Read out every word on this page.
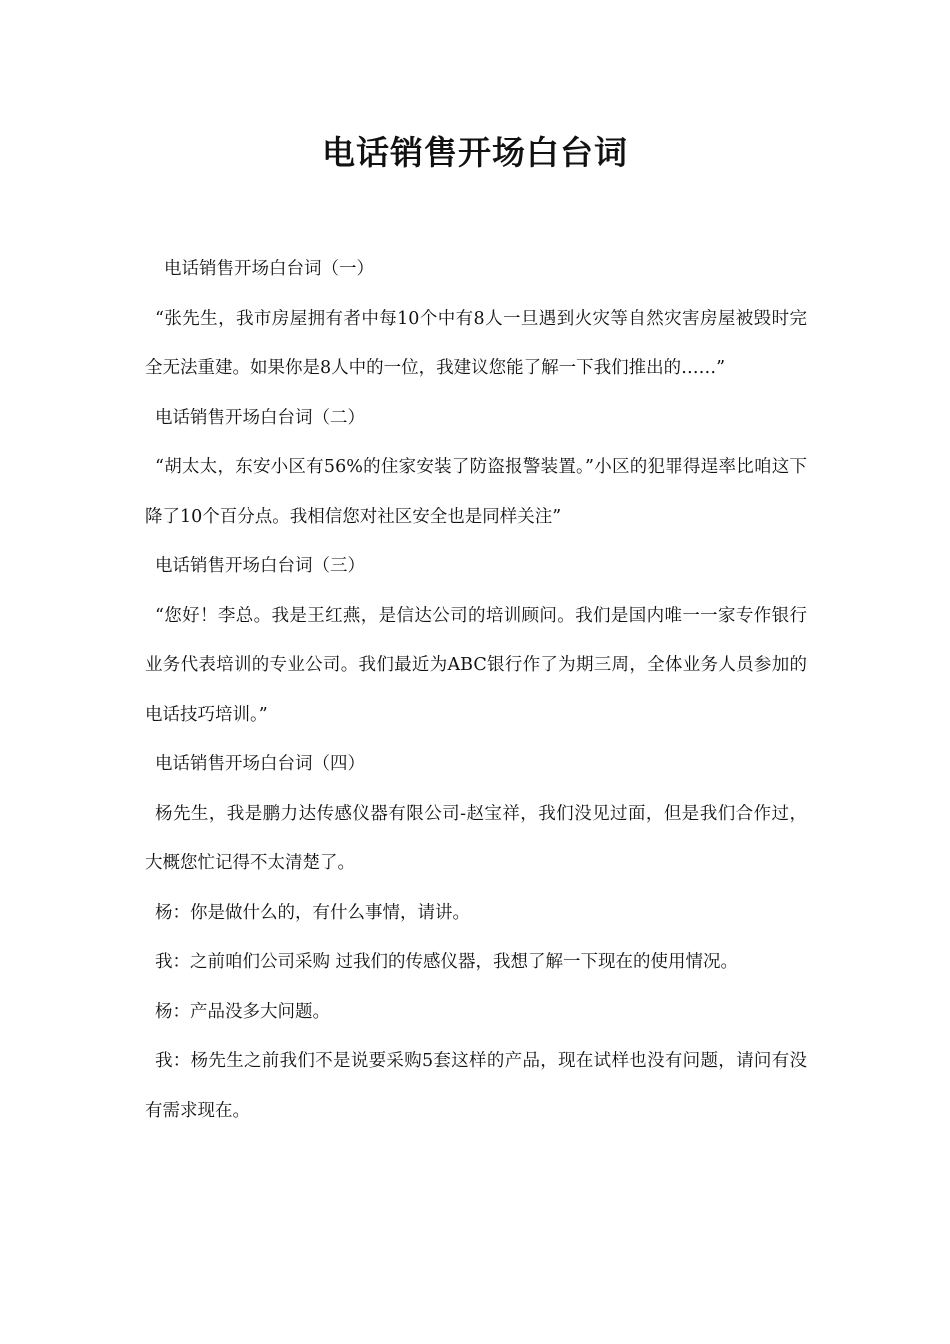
电话销售开场白台词

电话销售开场白台词（一）

“张先生，我市房屋拥有者中每10个中有8人一旦遇到火灾等自然灾害房屋被毁时完全无法重建。如果你是8人中的一位，我建议您能了解一下我们推出的……”

电话销售开场白台词（二）

“胡太太，东安小区有56%的住家安装了防盗报警装置。”小区的犯罪得逞率比咱这下降了10个百分点。我相信您对社区安全也是同样关注”

电话销售开场白台词（三）

“您好！李总。我是王红燕，是信达公司的培训顾问。我们是国内唯一一家专作银行业务代表培训的专业公司。我们最近为ABC银行作了为期三周，全体业务人员参加的电话技巧培训。”

电话销售开场白台词（四）

杨先生，我是鹏力达传感仪器有限公司-赵宝祥，我们没见过面，但是我们合作过，大概您忙记得不太清楚了。

杨：你是做什么的，有什么事情，请讲。

我：之前咱们公司采购 过我们的传感仪器，我想了解一下现在的使用情况。

杨：产品没多大问题。

我：杨先生之前我们不是说要采购5套这样的产品，现在试样也没有问题，请问有没有需求现在。
